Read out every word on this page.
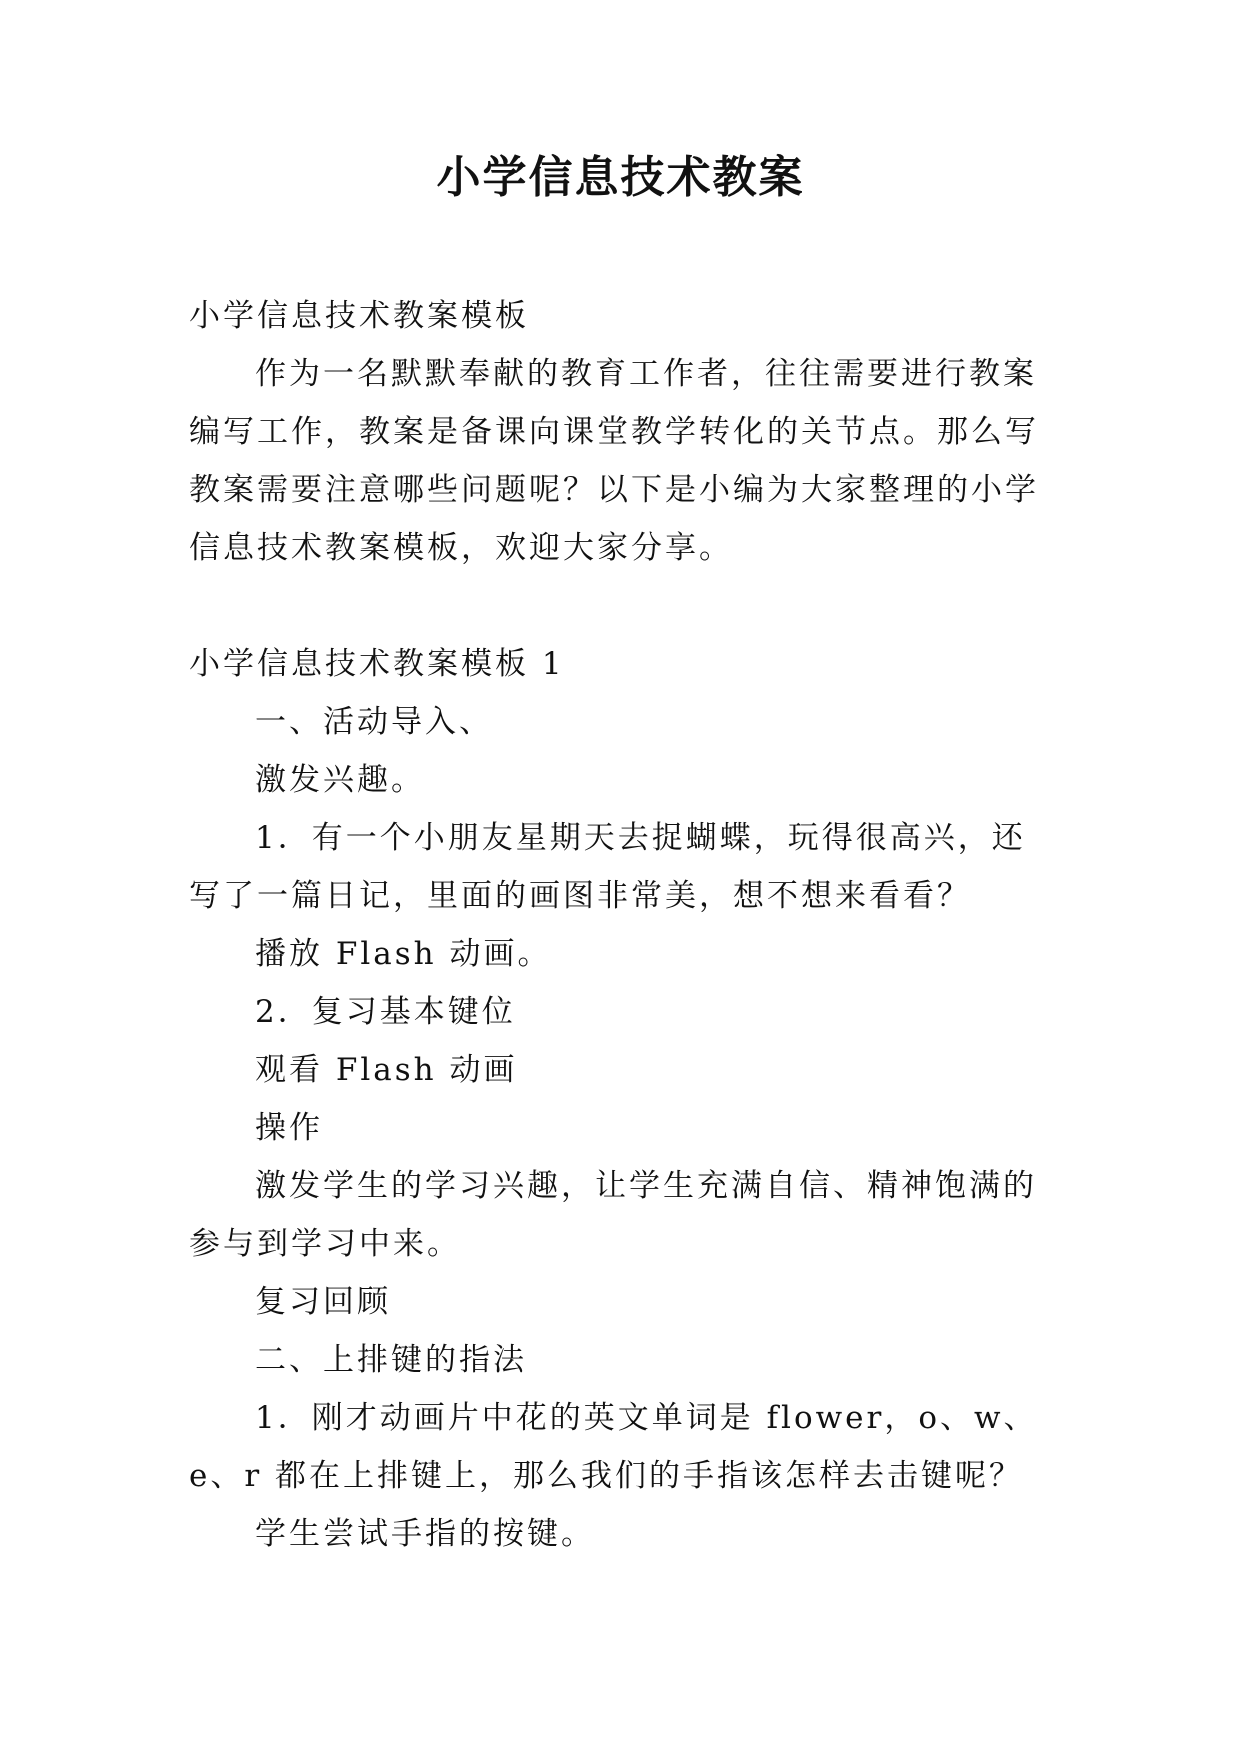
小学信息技术教案

小学信息技术教案模板

作为一名默默奉献的教育工作者，往往需要进行教案编写工作，教案是备课向课堂教学转化的关节点。那么写教案需要注意哪些问题呢？以下是小编为大家整理的小学信息技术教案模板，欢迎大家分享。

小学信息技术教案模板 1

一、活动导入、

激发兴趣。

1．有一个小朋友星期天去捉蝴蝶，玩得很高兴，还写了一篇日记，里面的画图非常美，想不想来看看？

播放 Flash 动画。

2．复习基本键位

观看 Flash 动画

操作

激发学生的学习兴趣，让学生充满自信、精神饱满的参与到学习中来。

复习回顾

二、上排键的指法

1．刚才动画片中花的英文单词是 flower，o、w、e、r 都在上排键上，那么我们的手指该怎样去击键呢？

学生尝试手指的按键。
